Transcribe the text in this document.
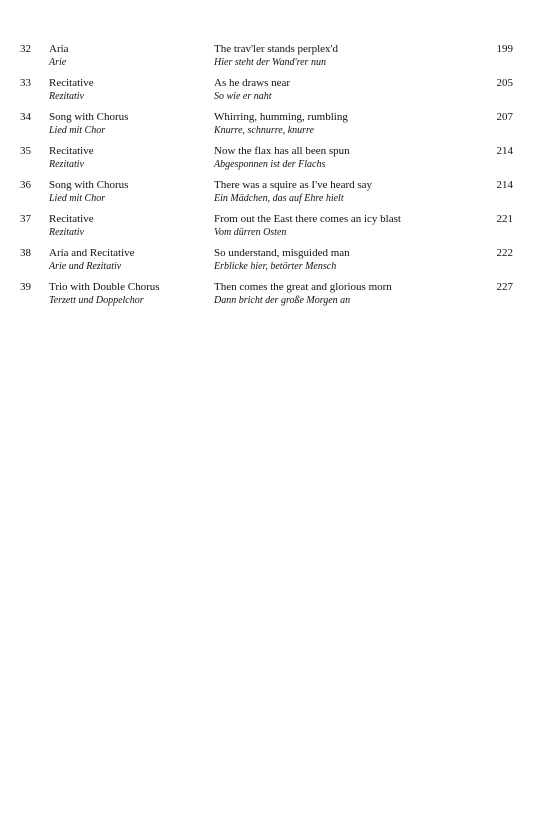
32 Aria
Arie
The trav'ler stands perplex'd
Hier steht der Wand'rer nun
199
33 Recitative
Rezitativ
As he draws near
So wie er naht
205
34 Song with Chorus
Lied mit Chor
Whirring, humming, rumbling
Knurre, schnurre, knurre
207
35 Recitative
Rezitativ
Now the flax has all been spun
Abgesponnen ist der Flachs
214
36 Song with Chorus
Lied mit Chor
There was a squire as I've heard say
Ein Mädchen, das auf Ehre hielt
214
37 Recitative
Rezitativ
From out the East there comes an icy blast
Vom dürren Osten
221
38 Aria and Recitative
Arie und Rezitativ
So understand, misguided man
Erblicke hier, betörter Mensch
222
39 Trio with Double Chorus
Terzett und Doppelchor
Then comes the great and glorious morn
Dann bricht der große Morgen an
227
